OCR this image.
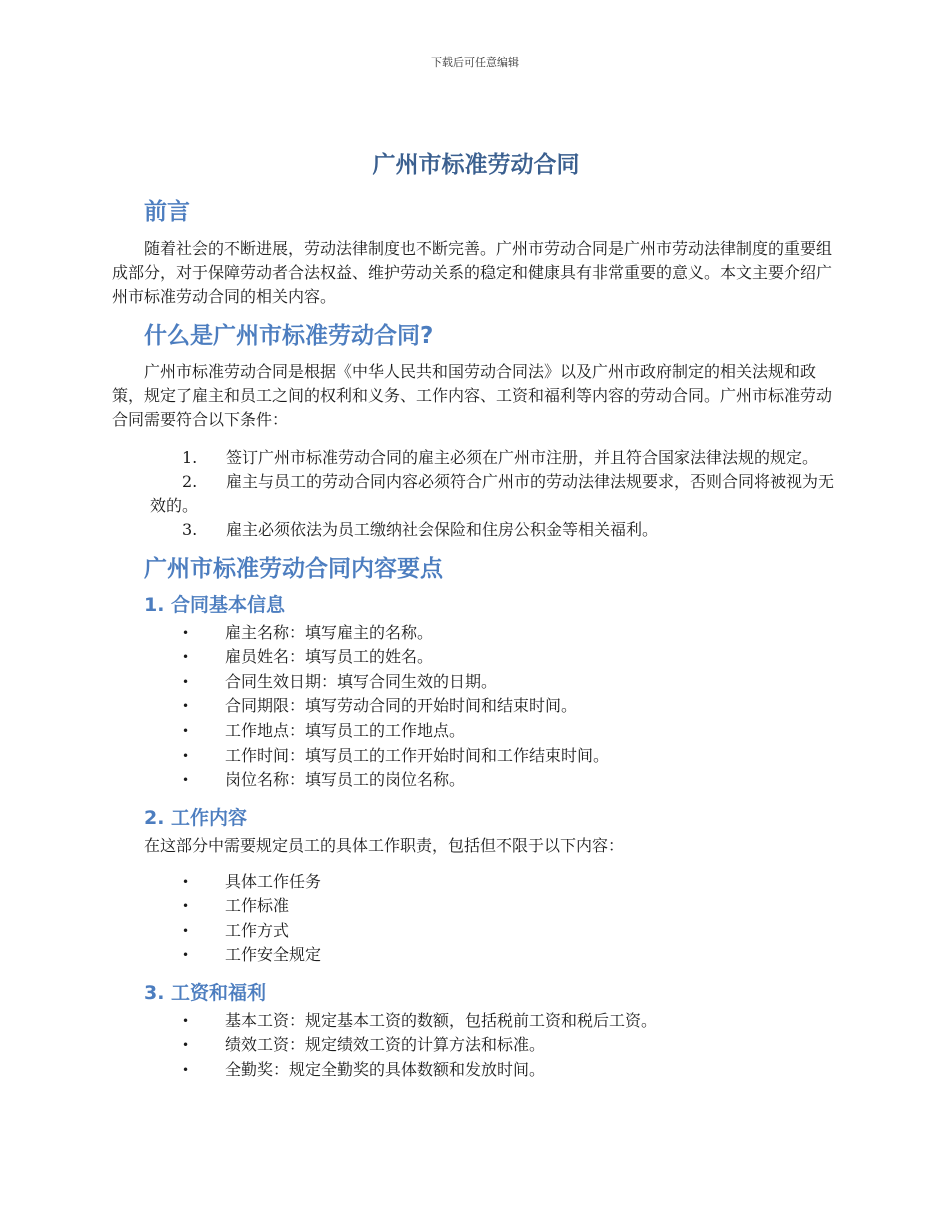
下载后可任意编辑
广州市标准劳动合同
前言

随着社会的不断进展，劳动法律制度也不断完善。广州市劳动合同是广州市劳动法律制度的重要组成部分，对于保障劳动者合法权益、维护劳动关系的稳定和健康具有非常重要的意义。本文主要介绍广州市标准劳动合同的相关内容。

什么是广州市标准劳动合同?

广州市标准劳动合同是根据《中华人民共和国劳动合同法》以及广州市政府制定的相关法规和政策，规定了雇主和员工之间的权利和义务、工作内容、工资和福利等内容的劳动合同。广州市标准劳动合同需要符合以下条件：

1. 签订广州市标准劳动合同的雇主必须在广州市注册，并且符合国家法律法规的规定。
2. 雇主与员工的劳动合同内容必须符合广州市的劳动法律法规要求，否则合同将被视为无效的。
3. 雇主必须依法为员工缴纳社会保险和住房公积金等相关福利。
广州市标准劳动合同内容要点
1. 合同基本信息
• 雇主名称：填写雇主的名称。
• 雇员姓名：填写员工的姓名。
• 合同生效日期：填写合同生效的日期。
• 合同期限：填写劳动合同的开始时间和结束时间。
• 工作地点：填写员工的工作地点。
• 工作时间：填写员工的工作开始时间和工作结束时间。
• 岗位名称：填写员工的岗位名称。
2. 工作内容

在这部分中需要规定员工的具体工作职责，包括但不限于以下内容：

• 具体工作任务
• 工作标准
• 工作方式
• 工作安全规定
3. 工资和福利
• 基本工资：规定基本工资的数额，包括税前工资和税后工资。
• 绩效工资：规定绩效工资的计算方法和标准。
• 全勤奖：规定全勤奖的具体数额和发放时间。
